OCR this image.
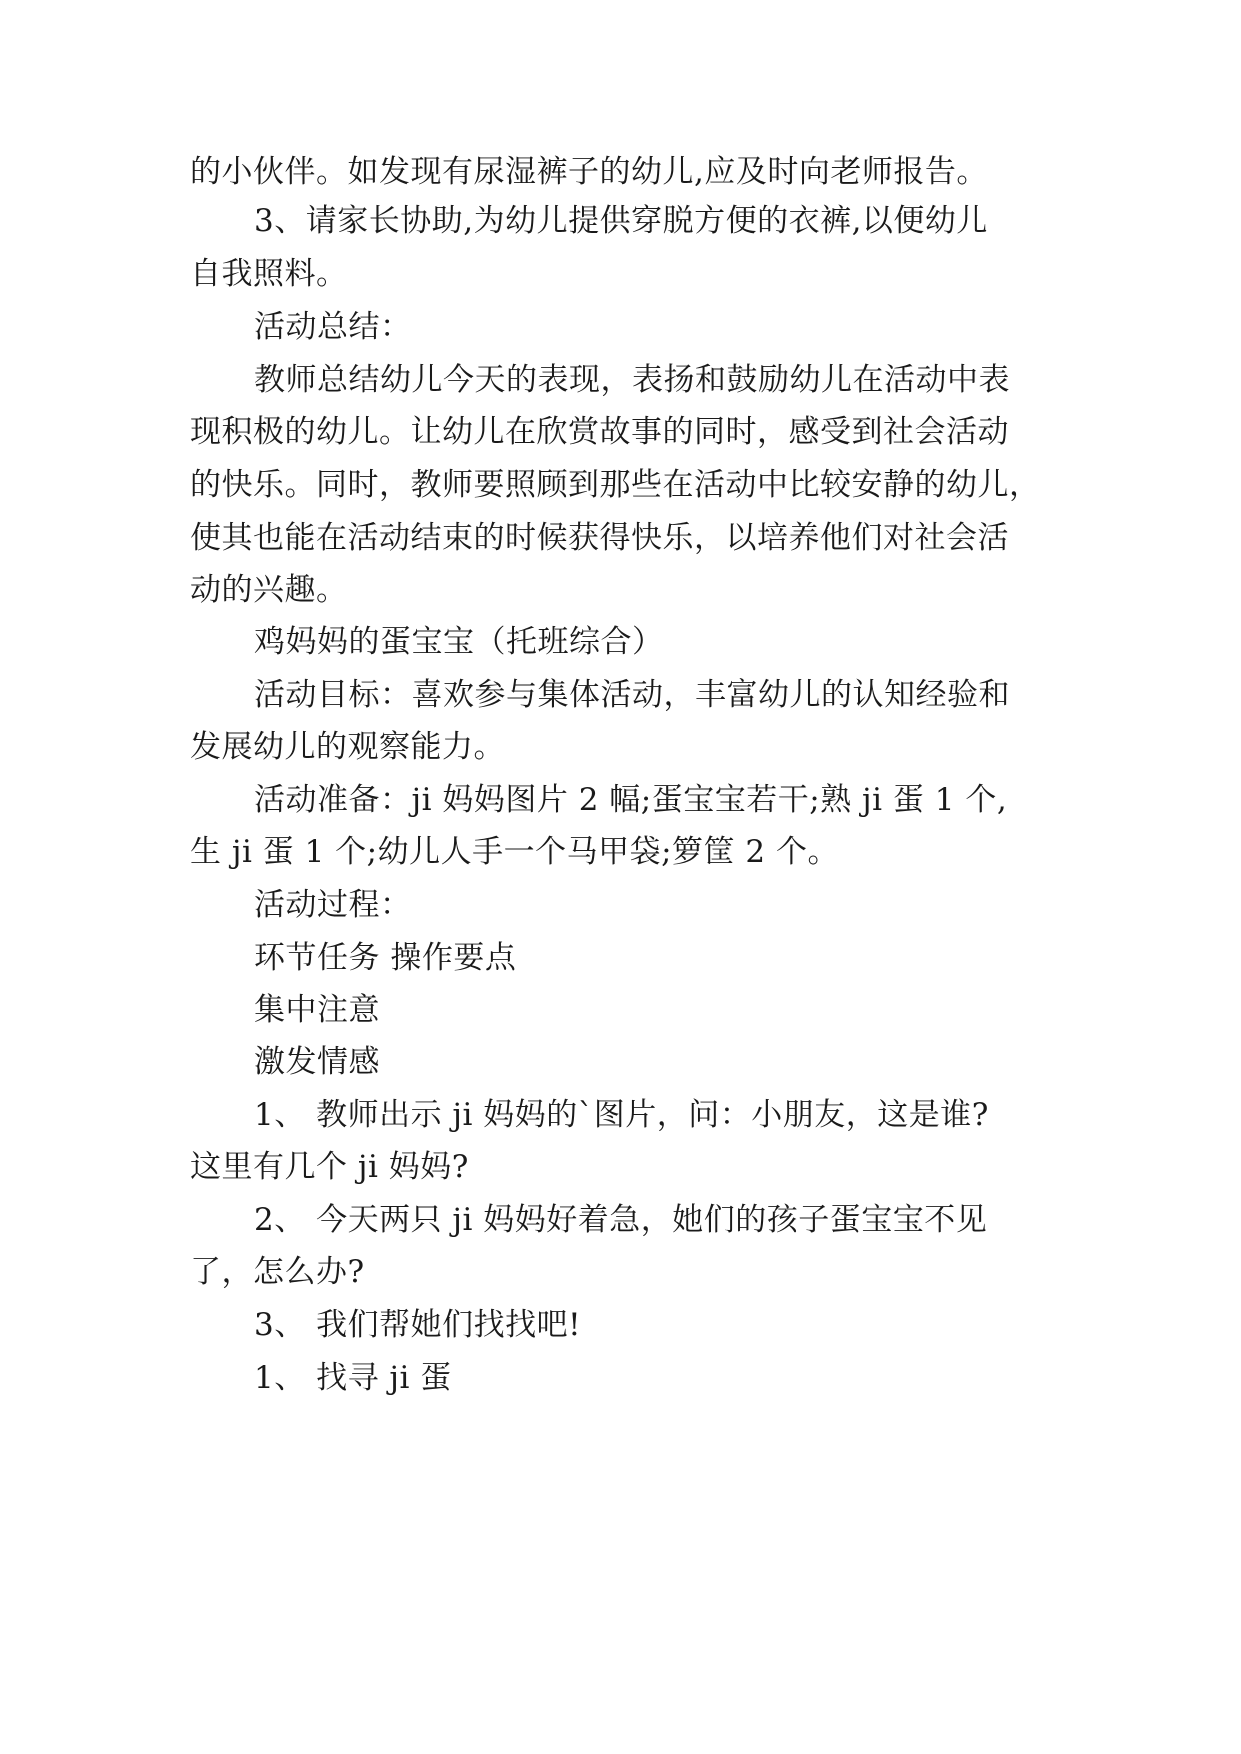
的小伙伴。如发现有尿湿裤子的幼儿,应及时向老师报告。
3、请家长协助,为幼儿提供穿脱方便的衣裤,以便幼儿
自我照料。
活动总结：
教师总结幼儿今天的表现，表扬和鼓励幼儿在活动中表
现积极的幼儿。让幼儿在欣赏故事的同时，感受到社会活动
的快乐。同时，教师要照顾到那些在活动中比较安静的幼儿，
使其也能在活动结束的时候获得快乐，以培养他们对社会活
动的兴趣。
鸡妈妈的蛋宝宝（托班综合）
活动目标：喜欢参与集体活动，丰富幼儿的认知经验和
发展幼儿的观察能力。
活动准备：ji 妈妈图片 2 幅;蛋宝宝若干;熟 ji 蛋 1 个,
生 ji 蛋 1 个;幼儿人手一个马甲袋;箩筐 2 个。
活动过程：
环节任务 操作要点
集中注意
激发情感
1、 教师出示 ji 妈妈的`图片，问：小朋友，这是谁?
这里有几个 ji 妈妈?
2、 今天两只 ji 妈妈好着急，她们的孩子蛋宝宝不见
了，怎么办?
3、 我们帮她们找找吧!
1、 找寻 ji 蛋
